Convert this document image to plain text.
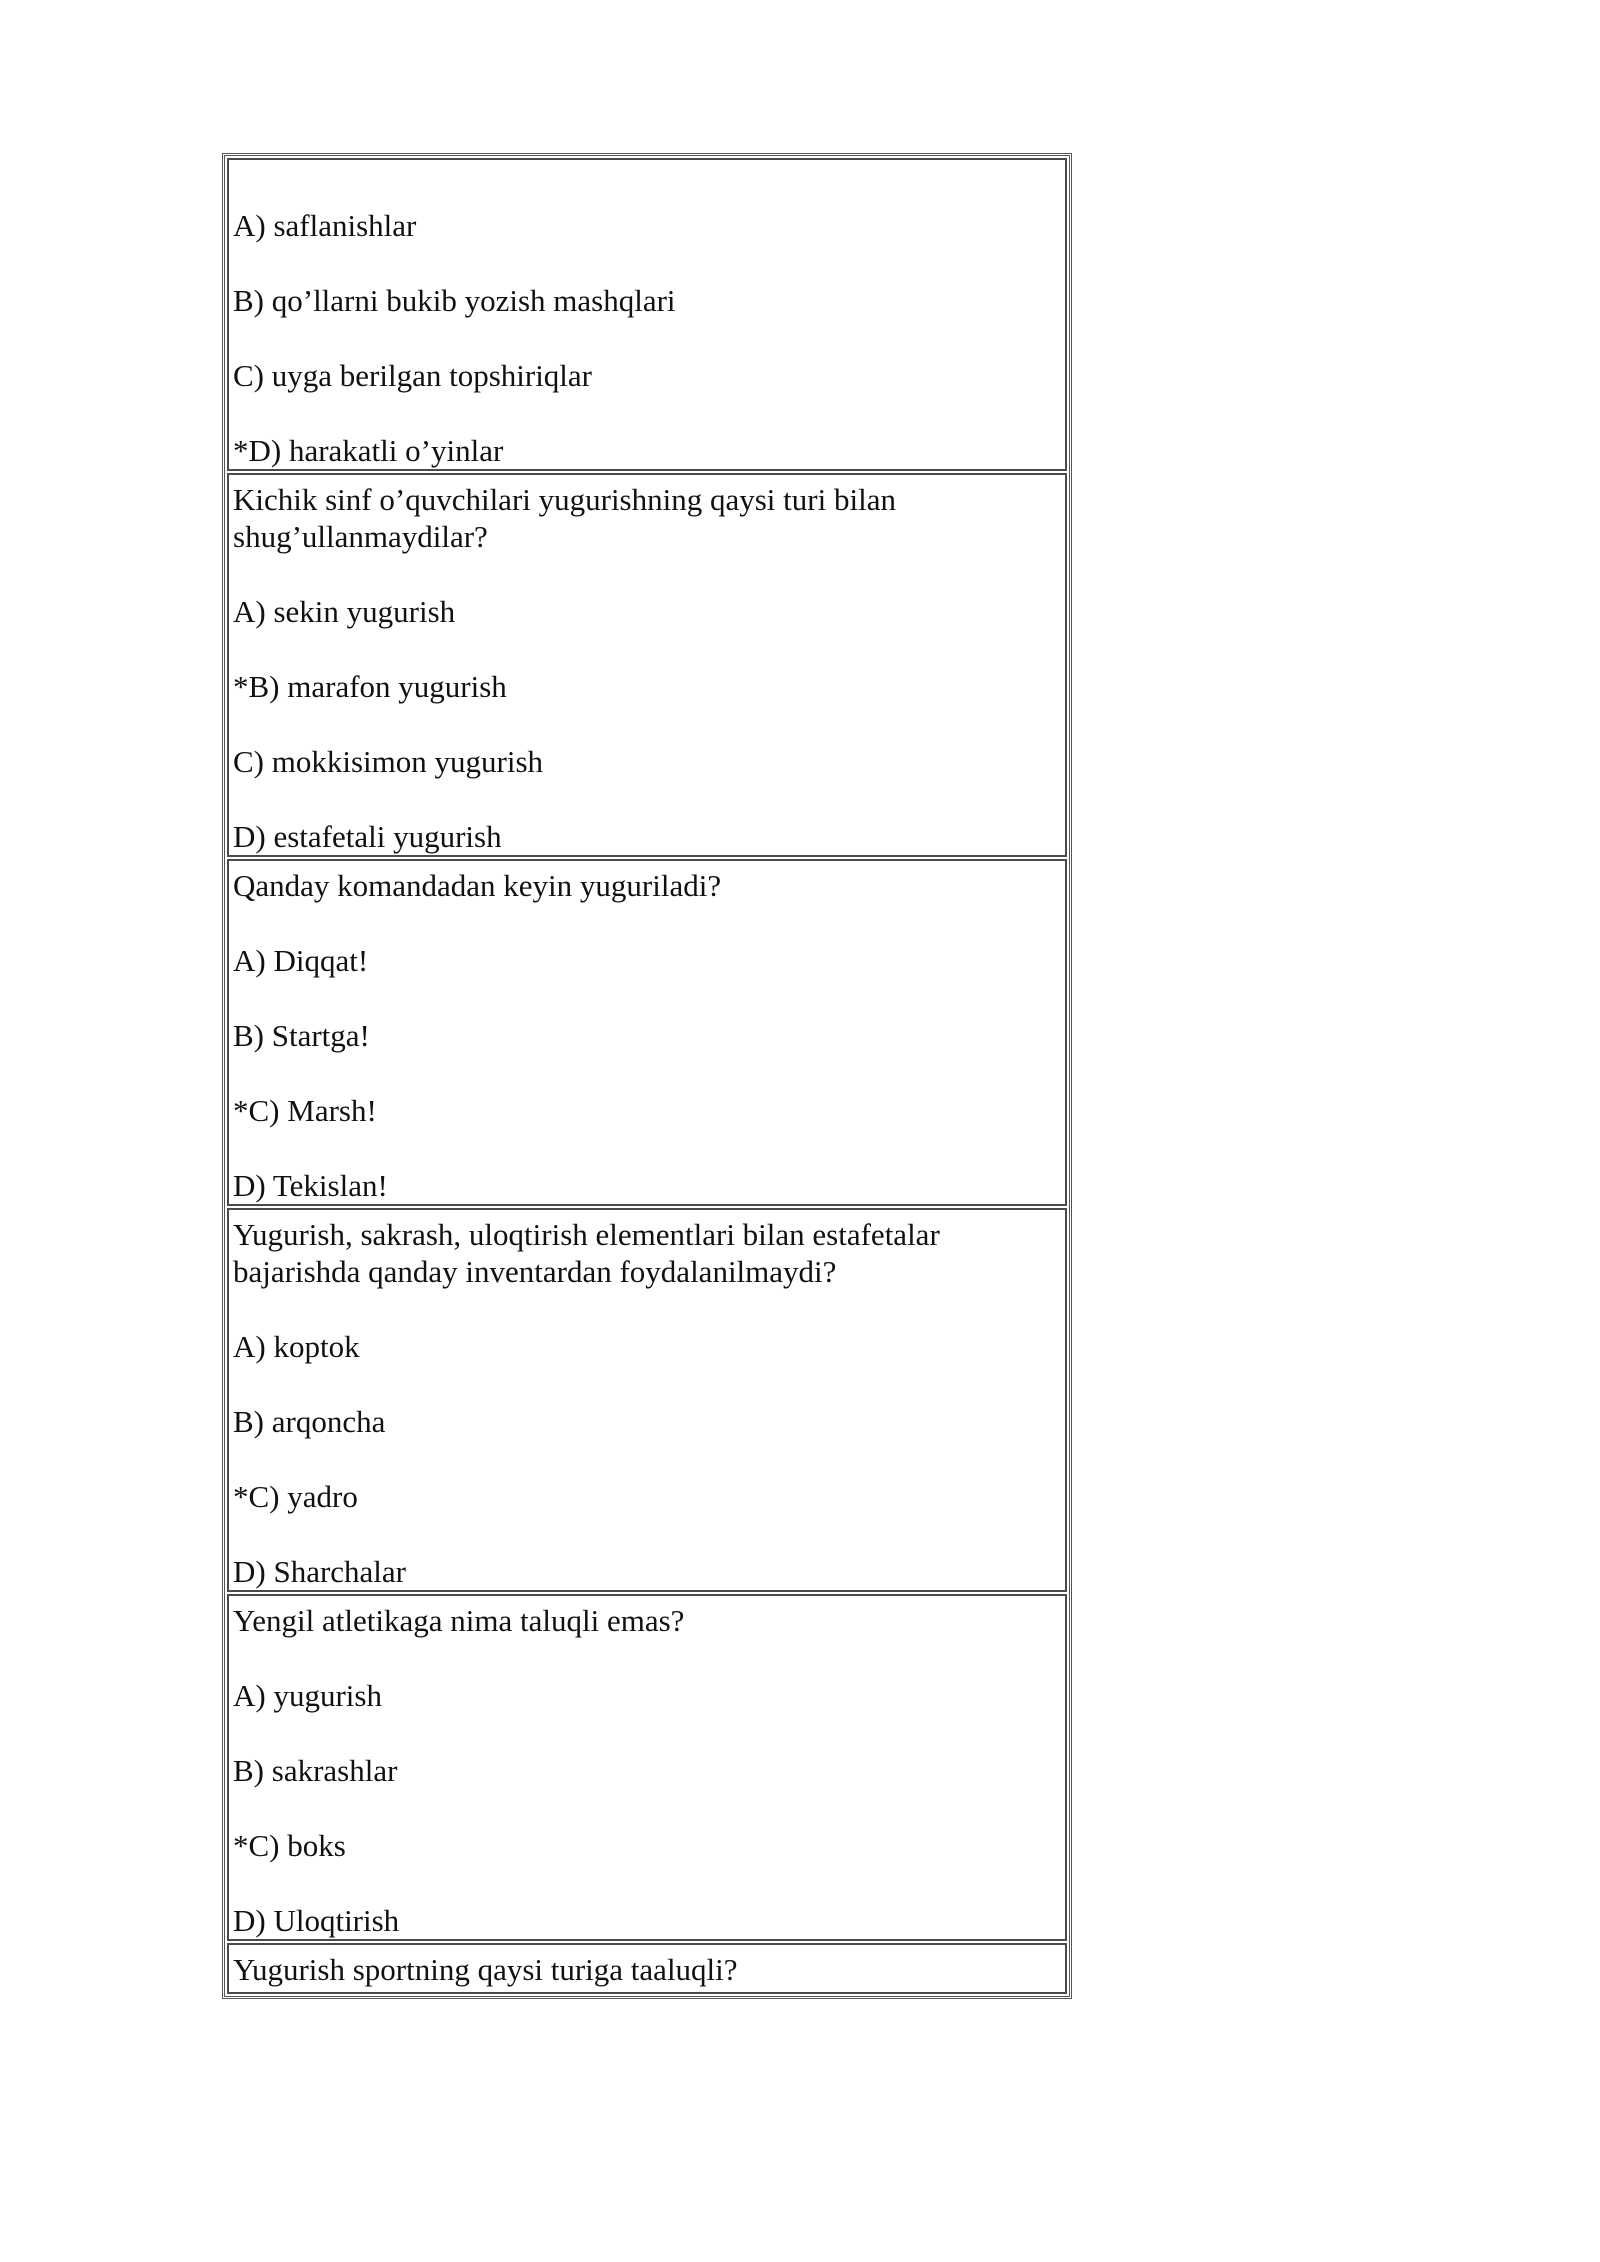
A) saflanishlar
B) qo’llarni bukib yozish mashqlari
C) uyga berilgan topshiriqlar
*D) harakatli o’yinlar
Kichik sinf o’quvchilari yugurishning qaysi turi bilan
shug’ullanmaydilar?
A) sekin yugurish
*B) marafon yugurish
C) mokkisimon yugurish
D) estafetali yugurish
Qanday komandadan keyin yuguriladi?
A) Diqqat!
B) Startga!
*C) Marsh!
D) Tekislan!
Yugurish, sakrash, uloqtirish elementlari bilan estafetalar
bajarishda qanday inventardan foydalanilmaydi?
A) koptok
B) arqoncha
*C) yadro
D) Sharchalar
Yengil atletikaga nima taluqli emas?
A) yugurish
B) sakrashlar
*C) boks
D) Uloqtirish
Yugurish sportning qaysi turiga taaluqli?
